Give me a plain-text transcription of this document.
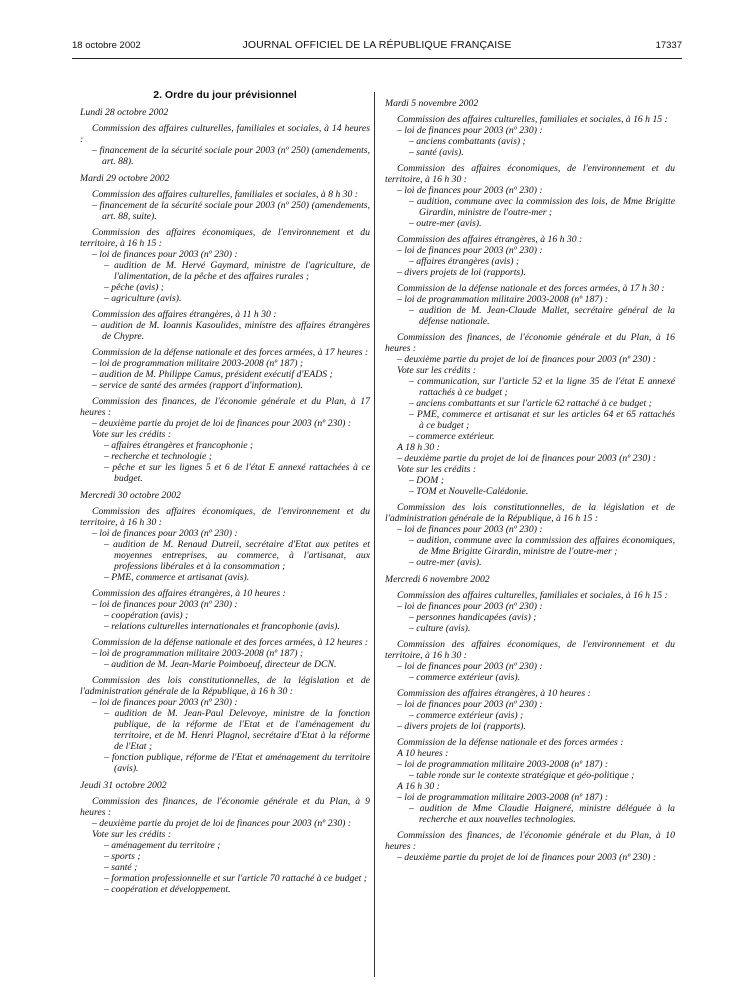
18 octobre 2002	JOURNAL OFFICIEL DE LA RÉPUBLIQUE FRANÇAISE	17337
2. Ordre du jour prévisionnel
Lundi 28 octobre 2002
Commission des affaires culturelles, familiales et sociales, à 14 heures :
– financement de la sécurité sociale pour 2003 (nº 250) (amendements, art. 88).
Mardi 29 octobre 2002
Commission des affaires culturelles, familiales et sociales, à 8 h 30 :
– financement de la sécurité sociale pour 2003 (nº 250) (amendements, art. 88, suite).
Commission des affaires économiques, de l'environnement et du territoire, à 16 h 15 :
– loi de finances pour 2003 (nº 230) :
– audition de M. Hervé Gaymard, ministre de l'agriculture, de l'alimentation, de la pêche et des affaires rurales ;
– pêche (avis) ;
– agriculture (avis).
Commission des affaires étrangères, à 11 h 30 :
– audition de M. Ioannis Kasoulides, ministre des affaires étrangères de Chypre.
Commission de la défense nationale et des forces armées, à 17 heures :
– loi de programmation militaire 2003-2008 (nº 187) ;
– audition de M. Philippe Camus, président exécutif d'EADS ;
– service de santé des armées (rapport d'information).
Commission des finances, de l'économie générale et du Plan, à 17 heures :
– deuxième partie du projet de loi de finances pour 2003 (nº 230) :
Vote sur les crédits :
– affaires étrangères et francophonie ;
– recherche et technologie ;
– pêche et sur les lignes 5 et 6 de l'état E annexé rattachées à ce budget.
Mercredi 30 octobre 2002
Commission des affaires économiques, de l'environnement et du territoire, à 16 h 30 :
– loi de finances pour 2003 (nº 230) :
– audition de M. Renaud Dutreil, secrétaire d'Etat aux petites et moyennes entreprises, au commerce, à l'artisanat, aux professions libérales et à la consommation ;
– PME, commerce et artisanat (avis).
Commission des affaires étrangères, à 10 heures :
– loi de finances pour 2003 (nº 230) :
– coopération (avis) ;
– relations culturelles internationales et francophonie (avis).
Commission de la défense nationale et des forces armées, à 12 heures :
– loi de programmation militaire 2003-2008 (nº 187) ;
– audition de M. Jean-Marie Poimboeuf, directeur de DCN.
Commission des lois constitutionnelles, de la législation et de l'administration générale de la République, à 16 h 30 :
– loi de finances pour 2003 (nº 230) :
– audition de M. Jean-Paul Delevoye, ministre de la fonction publique, de la réforme de l'Etat et de l'aménagement du territoire, et de M. Henri Plagnol, secrétaire d'Etat à la réforme de l'Etat ;
– fonction publique, réforme de l'Etat et aménagement du territoire (avis).
Jeudi 31 octobre 2002
Commission des finances, de l'économie générale et du Plan, à 9 heures :
– deuxième partie du projet de loi de finances pour 2003 (nº 230) :
Vote sur les crédits :
– aménagement du territoire ;
– sports ;
– santé ;
– formation professionnelle et sur l'article 70 rattaché à ce budget ;
– coopération et développement.
Mardi 5 novembre 2002
Commission des affaires culturelles, familiales et sociales, à 16 h 15 :
– loi de finances pour 2003 (nº 230) :
– anciens combattants (avis) ;
– santé (avis).
Commission des affaires économiques, de l'environnement et du territoire, à 16 h 30 :
– loi de finances pour 2003 (nº 230) :
– audition, commune avec la commission des lois, de Mme Brigitte Girardin, ministre de l'outre-mer ;
– outre-mer (avis).
Commission des affaires étrangères, à 16 h 30 :
– loi de finances pour 2003 (nº 230) :
– affaires étrangères (avis) ;
– divers projets de loi (rapports).
Commission de la défense nationale et des forces armées, à 17 h 30 :
– loi de programmation militaire 2003-2008 (nº 187) :
– audition de M. Jean-Claude Mallet, secrétaire général de la défense nationale.
Commission des finances, de l'économie générale et du Plan, à 16 heures :
– deuxième partie du projet de loi de finances pour 2003 (nº 230) :
Vote sur les crédits :
– communication, sur l'article 52 et la ligne 35 de l'état E annexé rattachés à ce budget ;
– anciens combattants et sur l'article 62 rattaché à ce budget ;
– PME, commerce et artisanat et sur les articles 64 et 65 rattachés à ce budget ;
– commerce extérieur.
A 18 h 30 :
– deuxième partie du projet de loi de finances pour 2003 (nº 230) :
Vote sur les crédits :
– DOM ;
– TOM et Nouvelle-Calédonie.
Commission des lois constitutionnelles, de la législation et de l'administration générale de la République, à 16 h 15 :
– loi de finances pour 2003 (nº 230) :
– audition, commune avec la commission des affaires économiques, de Mme Brigitte Girardin, ministre de l'outre-mer ;
– outre-mer (avis).
Mercredi 6 novembre 2002
Commission des affaires culturelles, familiales et sociales, à 16 h 15 :
– loi de finances pour 2003 (nº 230) :
– personnes handicapées (avis) ;
– culture (avis).
Commission des affaires économiques, de l'environnement et du territoire, à 16 h 30 :
– loi de finances pour 2003 (nº 230) :
– commerce extérieur (avis).
Commission des affaires étrangères, à 10 heures :
– loi de finances pour 2003 (nº 230) :
– commerce extérieur (avis) ;
– divers projets de loi (rapports).
Commission de la défense nationale et des forces armées :
A 10 heures :
– loi de programmation militaire 2003-2008 (nº 187) :
– table ronde sur le contexte stratégique et géo-politique ;
A 16 h 30 :
– loi de programmation militaire 2003-2008 (nº 187) :
– audition de Mme Claudie Haigneré, ministre déléguée à la recherche et aux nouvelles technologies.
Commission des finances, de l'économie générale et du Plan, à 10 heures :
– deuxième partie du projet de loi de finances pour 2003 (nº 230) :
